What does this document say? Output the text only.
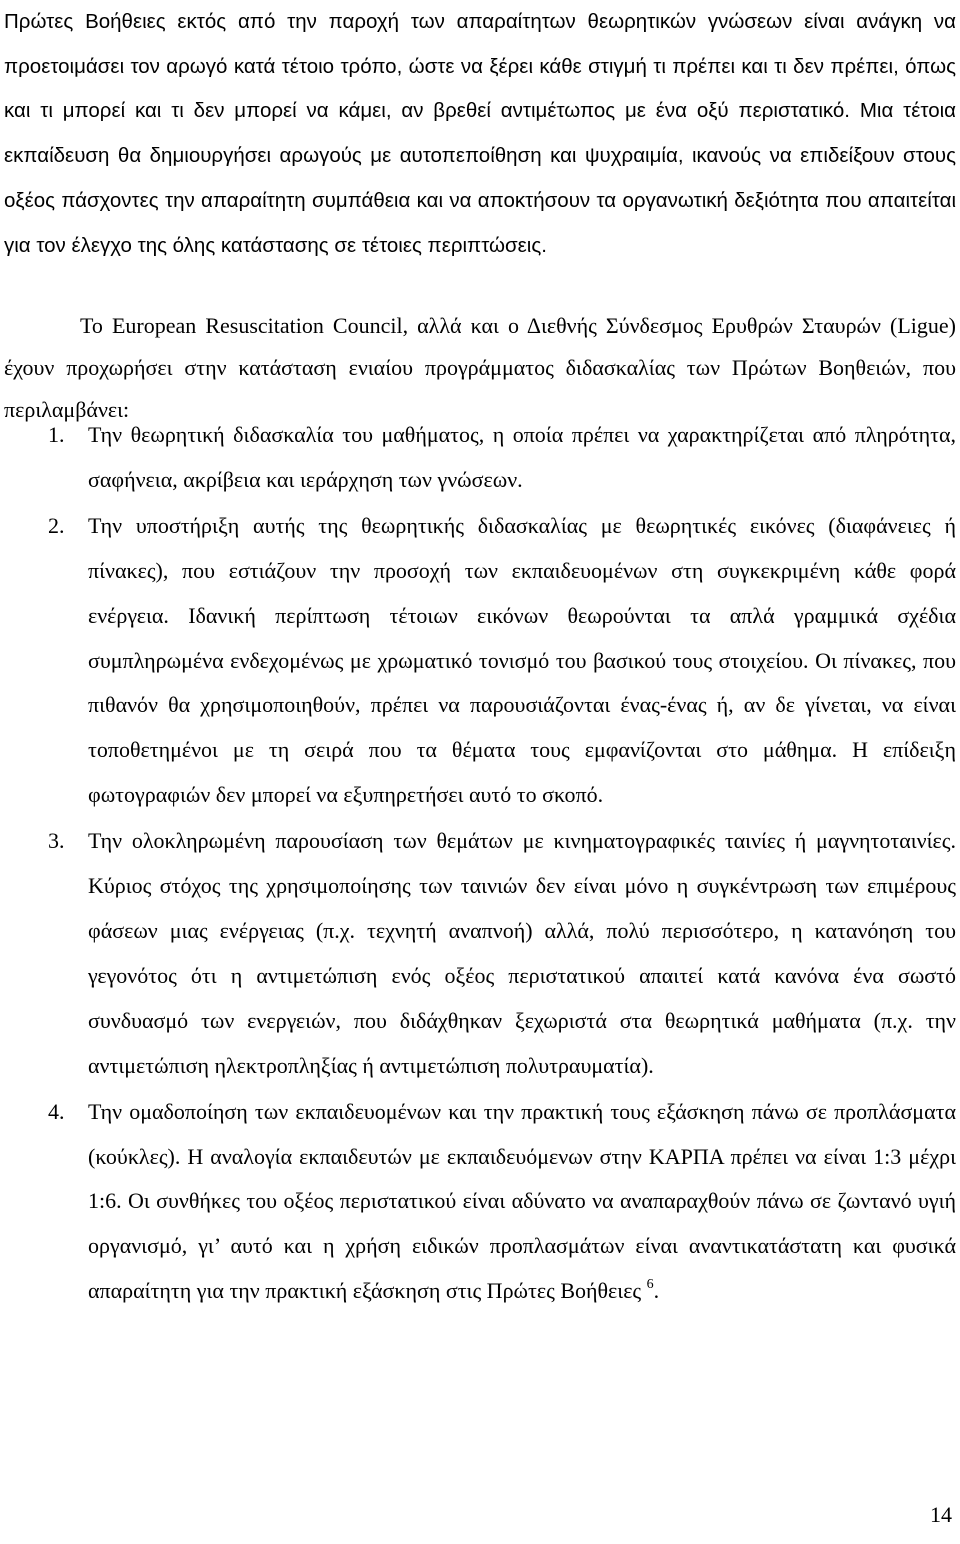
Πρώτες Βοήθειες εκτός από την παροχή των απαραίτητων θεωρητικών γνώσεων είναι ανάγκη να προετοιμάσει τον αρωγό κατά τέτοιο τρόπο, ώστε να ξέρει κάθε στιγμή τι πρέπει και τι δεν πρέπει, όπως και τι μπορεί και τι δεν μπορεί να κάμει, αν βρεθεί αντιμέτωπος με ένα οξύ περιστατικό. Μια τέτοια εκπαίδευση θα δημιουργήσει αρωγούς με αυτοπεποίθηση και ψυχραιμία, ικανούς να επιδείξουν στους οξέος πάσχοντες την απαραίτητη συμπάθεια και να αποκτήσουν τα οργανωτική δεξιότητα που απαιτείται για τον έλεγχο της όλης κατάστασης σε τέτοιες περιπτώσεις.

To European Resuscitation Council, αλλά και ο Διεθνής Σύνδεσμος Ερυθρών Σταυρών (Ligue) έχουν προχωρήσει στην κατάσταση ενιαίου προγράμματος διδασκαλίας των Πρώτων Βοηθειών, που περιλαμβάνει:

1. Την θεωρητική διδασκαλία του μαθήματος, η οποία πρέπει να χαρακτηρίζεται από πληρότητα, σαφήνεια, ακρίβεια και ιεράρχηση των γνώσεων.
2. Την υποστήριξη αυτής της θεωρητικής διδασκαλίας με θεωρητικές εικόνες (διαφάνειες ή πίνακες), που εστιάζουν την προσοχή των εκπαιδευομένων στη συγκεκριμένη κάθε φορά ενέργεια. Ιδανική περίπτωση τέτοιων εικόνων θεωρούνται τα απλά γραμμικά σχέδια συμπληρωμένα ενδεχομένως με χρωματικό τονισμό του βασικού τους στοιχείου. Οι πίνακες, που πιθανόν θα χρησιμοποιηθούν, πρέπει να παρουσιάζονται ένας-ένας ή, αν δε γίνεται, να είναι τοποθετημένοι με τη σειρά που τα θέματα τους εμφανίζονται στο μάθημα. Η επίδειξη φωτογραφιών δεν μπορεί να εξυπηρετήσει αυτό το σκοπό.
3. Την ολοκληρωμένη παρουσίαση των θεμάτων με κινηματογραφικές ταινίες ή μαγνητοταινίες. Κύριος στόχος της χρησιμοποίησης των ταινιών δεν είναι μόνο η συγκέντρωση των επιμέρους φάσεων μιας ενέργειας (π.χ. τεχνητή αναπνοή) αλλά, πολύ περισσότερο, η κατανόηση του γεγονότος ότι η αντιμετώπιση ενός οξέος περιστατικού απαιτεί κατά κανόνα ένα σωστό συνδυασμό των ενεργειών, που διδάχθηκαν ξεχωριστά στα θεωρητικά μαθήματα (π.χ. την αντιμετώπιση ηλεκτροπληξίας ή αντιμετώπιση πολυτραυματία).
4. Την ομαδοποίηση των εκπαιδευομένων και την πρακτική τους εξάσκηση πάνω σε προπλάσματα (κούκλες). Η αναλογία εκπαιδευτών με εκπαιδευόμενων στην ΚΑΡΠΑ πρέπει να είναι 1:3 μέχρι 1:6. Οι συνθήκες του οξέος περιστατικού είναι αδύνατο να αναπαραχθούν πάνω σε ζωντανό υγιή οργανισμό, γι’ αυτό και η χρήση ειδικών προπλασμάτων είναι αναντικατάστατη και φυσικά απαραίτητη για την πρακτική εξάσκηση στις Πρώτες Βοήθειες $^6$.
14
